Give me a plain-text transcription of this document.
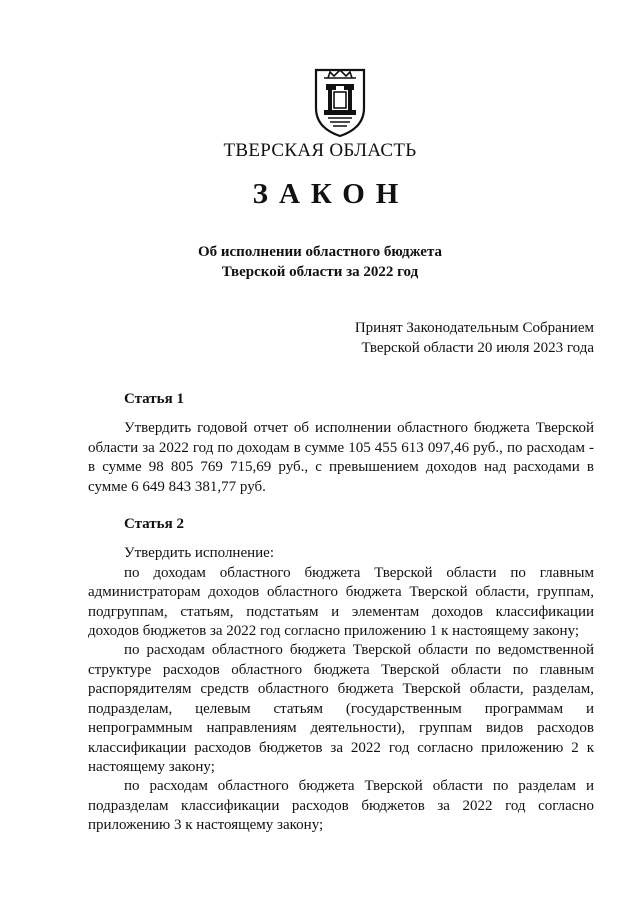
ТВЕРСКАЯ ОБЛАСТЬ
ЗАКОН
Об исполнении областного бюджета
Тверской области за 2022 год
Принят Законодательным Собранием
Тверской области 20 июля 2023 года
Статья 1

Утвердить годовой отчет об исполнении областного бюджета Тверской области за 2022 год по доходам в сумме 105 455 613 097,46 руб., по расходам - в сумме 98 805 769 715,69 руб., с превышением доходов над расходами в сумме 6 649 843 381,77 руб.

Статья 2

Утвердить исполнение:

по доходам областного бюджета Тверской области по главным администраторам доходов областного бюджета Тверской области, группам, подгруппам, статьям, подстатьям и элементам доходов классификации доходов бюджетов за 2022 год согласно приложению 1 к настоящему закону;

по расходам областного бюджета Тверской области по ведомственной структуре расходов областного бюджета Тверской области по главным распорядителям средств областного бюджета Тверской области, разделам, подразделам, целевым статьям (государственным программам и непрограммным направлениям деятельности), группам видов расходов классификации расходов бюджетов за 2022 год согласно приложению 2 к настоящему закону;

по расходам областного бюджета Тверской области по разделам и подразделам классификации расходов бюджетов за 2022 год согласно приложению 3 к настоящему закону;
